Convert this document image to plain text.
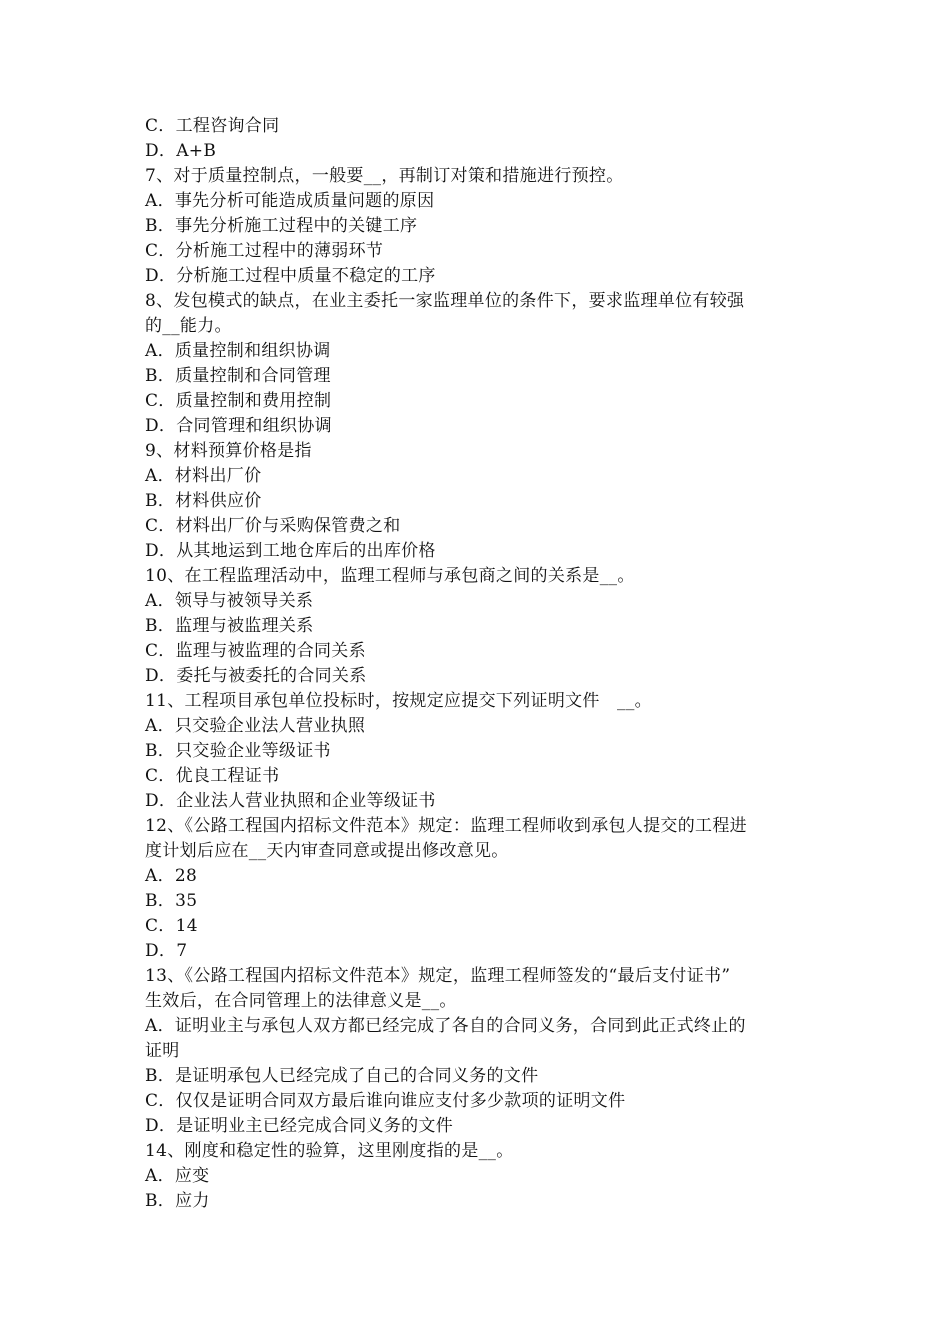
C．工程咨询合同
D．A+B
7、对于质量控制点，一般要__，再制订对策和措施进行预控。
A．事先分析可能造成质量问题的原因
B．事先分析施工过程中的关键工序
C．分析施工过程中的薄弱环节
D．分析施工过程中质量不稳定的工序
8、发包模式的缺点，在业主委托一家监理单位的条件下，要求监理单位有较强
的__能力。
A．质量控制和组织协调
B．质量控制和合同管理
C．质量控制和费用控制
D．合同管理和组织协调
9、材料预算价格是指
A．材料出厂价
B．材料供应价
C．材料出厂价与采购保管费之和
D．从其地运到工地仓库后的出库价格
10、在工程监理活动中，监理工程师与承包商之间的关系是__。
A．领导与被领导关系
B．监理与被监理关系
C．监理与被监理的合同关系
D．委托与被委托的合同关系
11、工程项目承包单位投标时，按规定应提交下列证明文件　__。
A．只交验企业法人营业执照
B．只交验企业等级证书
C．优良工程证书
D．企业法人营业执照和企业等级证书
12、《公路工程国内招标文件范本》规定：监理工程师收到承包人提交的工程进
度计划后应在__天内审查同意或提出修改意见。
A．28
B．35
C．14
D．7
13、《公路工程国内招标文件范本》规定，监理工程师签发的“最后支付证书”
生效后，在合同管理上的法律意义是__。
A．证明业主与承包人双方都已经完成了各自的合同义务，合同到此正式终止的
证明
B．是证明承包人已经完成了自己的合同义务的文件
C．仅仅是证明合同双方最后谁向谁应支付多少款项的证明文件
D．是证明业主已经完成合同义务的文件
14、刚度和稳定性的验算，这里刚度指的是__。
A．应变
B．应力
